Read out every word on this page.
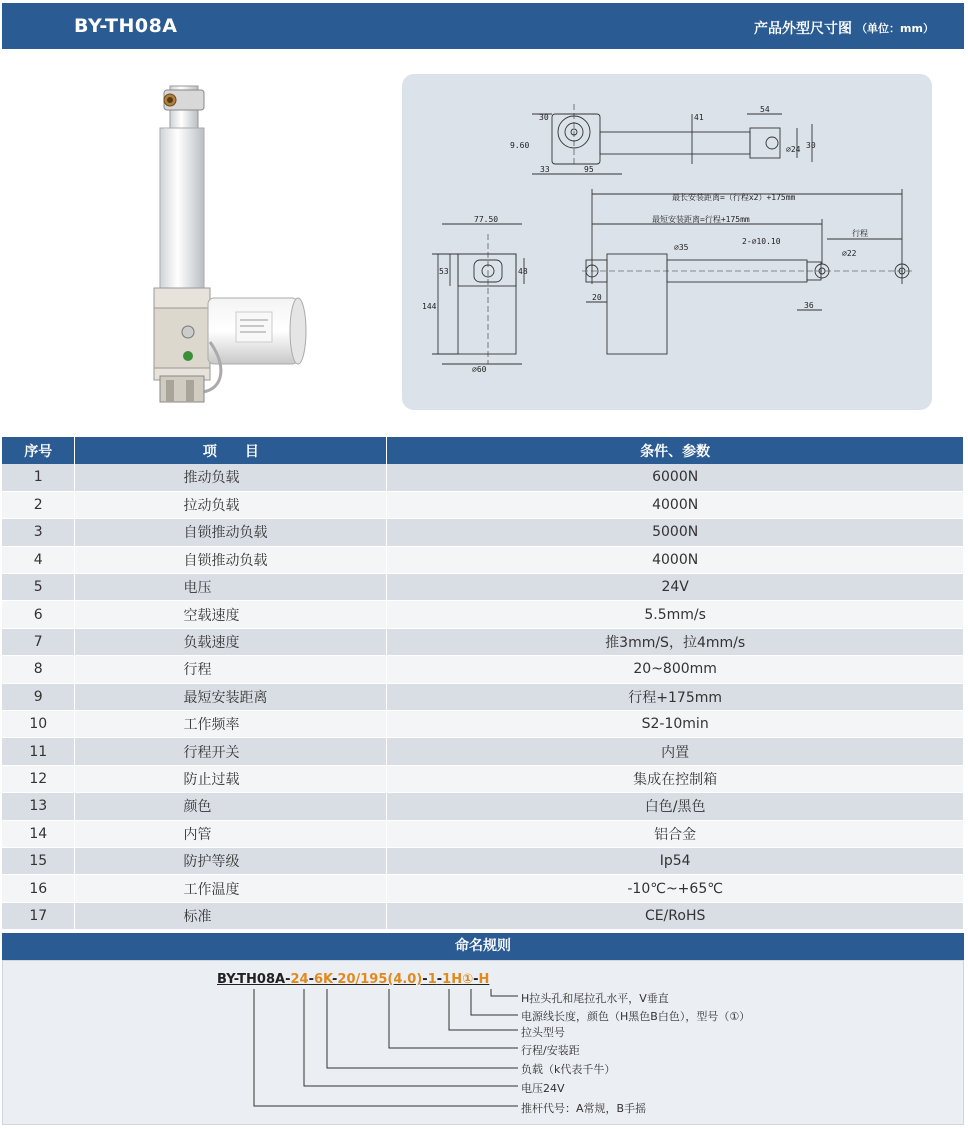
BY-TH08A	产品外型尺寸图 （单位：mm）
30	41
54
9.60
33	95
∅24 30
最长安装距离=（行程x2）+175mm
最短安装距离=行程+175mm
行程
77.50
53	48
144
∅60
∅35
2-∅10.10
∅22
20
36
序号	项　　目	条件、参数
1	推动负载	6000N
2	拉动负载	4000N
3	自锁推动负载	5000N
4	自锁推动负载	4000N
5	电压	24V
6	空载速度	5.5mm/s
7	负载速度	推3mm/S，拉4mm/s
8	行程	20~800mm
9	最短安装距离	行程+175mm
10	工作频率	S2-10min
11	行程开关	内置
12	防止过载	集成在控制箱
13	颜色	白色/黑色
14	内管	铝合金
15	防护等级	Ip54
16	工作温度	-10℃~+65℃
17	标准	CE/RoHS
命名规则
BY-TH08A-24-6K-20/195(4.0)-1-1H①-H
H拉头孔和尾拉孔水平，V垂直
电源线长度，颜色（H黑色B白色），型号（①）
拉头型号
行程/安装距
负载（k代表千牛）
电压24V
推杆代号：A常规，B手摇
